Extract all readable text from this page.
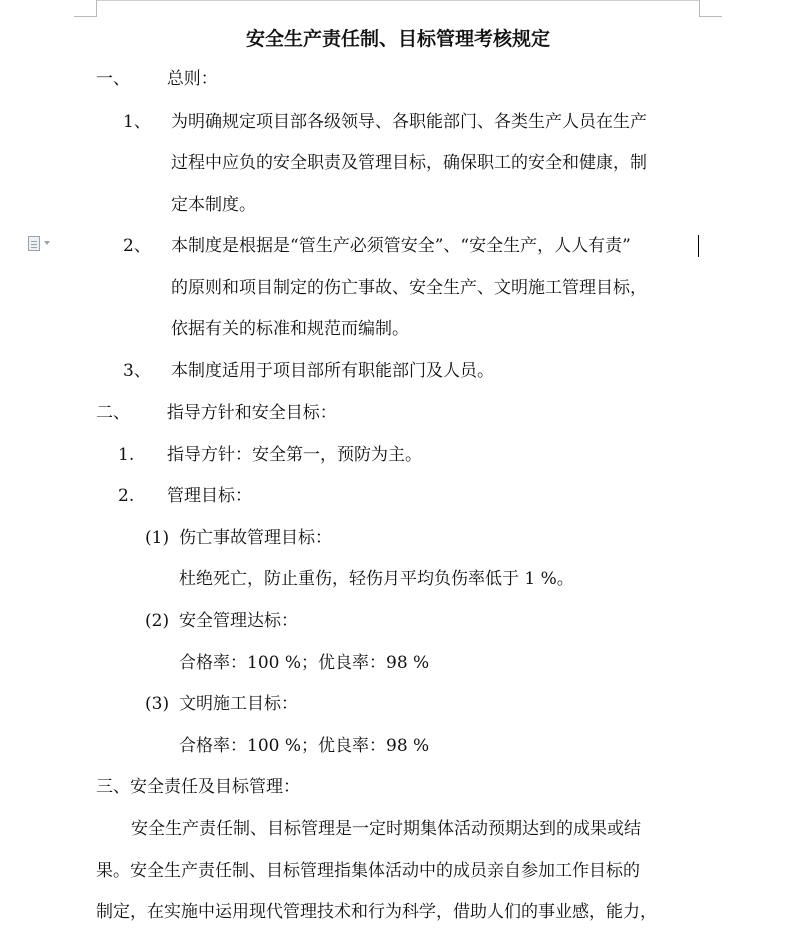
安全生产责任制、目标管理考核规定
一、 总则：
1、 为明确规定项目部各级领导、各职能部门、各类生产人员在生产
过程中应负的安全职责及管理目标，确保职工的安全和健康，制
定本制度。
2、 本制度是根据是“管生产必须管安全”、“安全生产，人人有责”
的原则和项目制定的伤亡事故、安全生产、文明施工管理目标，
依据有关的标准和规范而编制。
3、 本制度适用于项目部所有职能部门及人员。
二、 指导方针和安全目标：
1. 指导方针：安全第一，预防为主。
2. 管理目标：
(1) 伤亡事故管理目标：
杜绝死亡，防止重伤，轻伤月平均负伤率低于 1 %。
(2) 安全管理达标：
合格率：100 %；优良率：98 %
(3) 文明施工目标：
合格率：100 %；优良率：98 %
三、安全责任及目标管理：
安全生产责任制、目标管理是一定时期集体活动预期达到的成果或结
果。安全生产责任制、目标管理指集体活动中的成员亲自参加工作目标的
制定，在实施中运用现代管理技术和行为科学，借助人们的事业感，能力，
